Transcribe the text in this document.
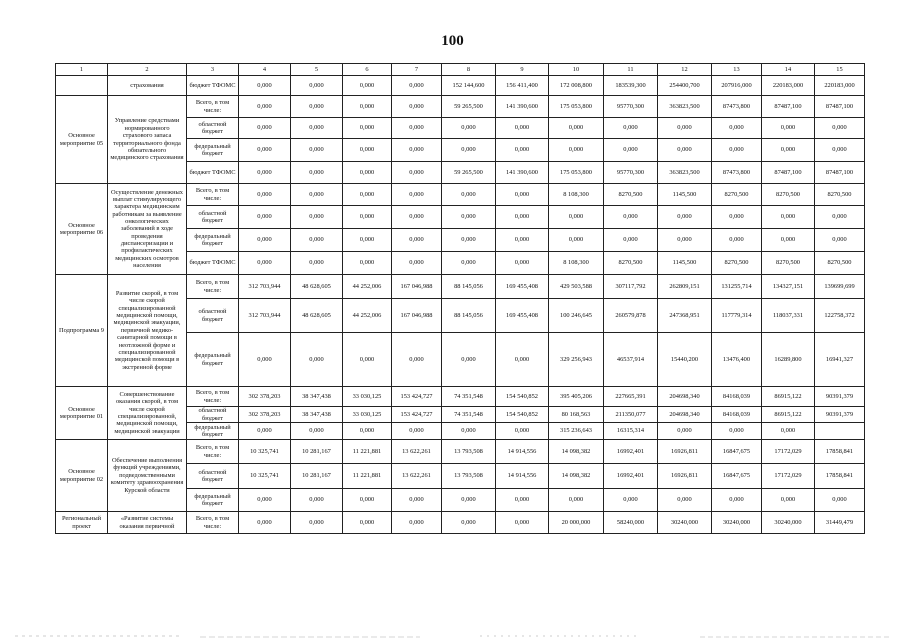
100
1	2	3	4	5	6	7	8	9	10	11	12	13	14	15
	страхования	бюджет ТФОМС	0,000	0,000	0,000	0,000	152 144,600	156 411,400	172 008,800	183539,300	254400,700	207916,000	220183,000	220183,000
Основное мероприятие 05	Управление средствами нормированного страхового запаса территориального фонда обязательного медицинского страхования	Всего, в том числе:	0,000	0,000	0,000	0,000	59 265,500	141 390,600	175 053,800	95770,300	363823,500	87473,800	87487,100	87487,100
		областной бюджет	0,000	0,000	0,000	0,000	0,000	0,000	0,000	0,000	0,000	0,000	0,000	0,000
		федеральный бюджет	0,000	0,000	0,000	0,000	0,000	0,000	0,000	0,000	0,000	0,000	0,000	0,000
		бюджет ТФОМС	0,000	0,000	0,000	0,000	59 265,500	141 390,600	175 053,800	95770,300	363823,500	87473,800	87487,100	87487,100
Основное мероприятие 06	Осуществление денежных выплат стимулирующего характера медицинским работникам за выявление онкологических заболеваний в ходе проведения диспансеризации и профилактических медицинских осмотров населения	Всего, в том числе:	0,000	0,000	0,000	0,000	0,000	0,000	8 108,300	8270,500	1145,500	8270,500	8270,500	8270,500
		областной бюджет	0,000	0,000	0,000	0,000	0,000	0,000	0,000	0,000	0,000	0,000	0,000	0,000
		федеральный бюджет	0,000	0,000	0,000	0,000	0,000	0,000	0,000	0,000	0,000	0,000	0,000	0,000
		бюджет ТФОМС	0,000	0,000	0,000	0,000	0,000	0,000	8 108,300	8270,500	1145,500	8270,500	8270,500	8270,500
Подпрограмма 9	Развитие скорой, в том числе скорой специализированной медицинской помощи, медицинской эвакуации, первичной медико-санитарной помощи в неотложной форме и специализированной медицинской помощи в экстренной форме	Всего, в том числе:	312 703,944	48 628,605	44 252,006	167 046,988	88 145,056	169 455,408	429 503,588	307117,792	262809,151	131255,714	134327,151	139699,699
		областной бюджет	312 703,944	48 628,605	44 252,006	167 046,988	88 145,056	169 455,408	100 246,645	260579,878	247368,951	117779,314	118037,331	122758,372
		федеральный бюджет	0,000	0,000	0,000	0,000	0,000	0,000	329 256,943	46537,914	15440,200	13476,400	16289,800	16941,327
Основное мероприятие 01	Совершенствование оказания скорой, в том числе скорой специализированной, медицинской помощи, медицинской эвакуации	Всего, в том числе:	302 378,203	38 347,438	33 030,125	153 424,727	74 351,548	154 540,852	395 405,206	227665,391	204698,340	84168,039	86915,122	90391,379
		областной бюджет	302 378,203	38 347,438	33 030,125	153 424,727	74 351,548	154 540,852	80 168,563	211350,077	204698,340	84168,039	86915,122	90391,379
		федеральный бюджет	0,000	0,000	0,000	0,000	0,000	0,000	315 236,643	16315,314	0,000	0,000	0,000	
Основное мероприятие 02	Обеспечение выполнения функций учреждениями, подведомственными комитету здравоохранения Курской области	Всего, в том числе:	10 325,741	10 281,167	11 221,881	13 622,261	13 793,508	14 914,556	14 098,382	16992,401	16926,811	16847,675	17172,029	17858,841
		областной бюджет	10 325,741	10 281,167	11 221,881	13 622,261	13 793,508	14 914,556	14 098,382	16992,401	16926,811	16847,675	17172,029	17858,841
		федеральный бюджет	0,000	0,000	0,000	0,000	0,000	0,000	0,000	0,000	0,000	0,000	0,000	0,000
Региональный проект	«Развитие системы оказания первичной	Всего, в том числе:	0,000	0,000	0,000	0,000	0,000	0,000	20 000,000	58240,000	30240,000	30240,000	30240,000	31449,479
